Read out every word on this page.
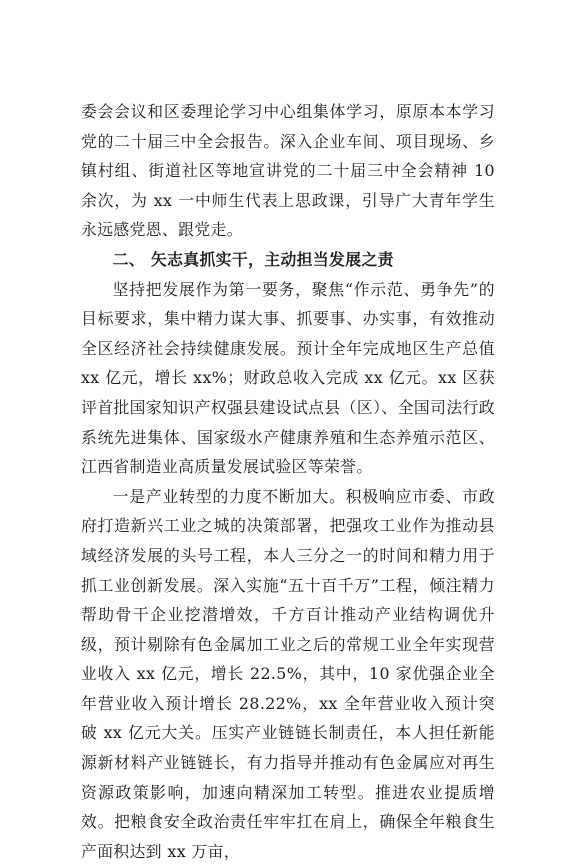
委会会议和区委理论学习中心组集体学习，原原本本学习党的二十届三中全会报告。深入企业车间、项目现场、乡镇村组、街道社区等地宣讲党的二十届三中全会精神 10 余次，为 xx 一中师生代表上思政课，引导广大青年学生永远感党恩、跟党走。

二、 矢志真抓实干，主动担当发展之责

坚持把发展作为第一要务，聚焦“作示范、勇争先”的目标要求，集中精力谋大事、抓要事、办实事，有效推动全区经济社会持续健康发展。预计全年完成地区生产总值 xx 亿元，增长 xx%；财政总收入完成 xx 亿元。xx 区获评首批国家知识产权强县建设试点县（区）、全国司法行政系统先进集体、国家级水产健康养殖和生态养殖示范区、江西省制造业高质量发展试验区等荣誉。

一是产业转型的力度不断加大。积极响应市委、市政府打造新兴工业之城的决策部署，把强攻工业作为推动县域经济发展的头号工程，本人三分之一的时间和精力用于抓工业创新发展。深入实施“五十百千万”工程，倾注精力帮助骨干企业挖潜增效，千方百计推动产业结构调优升级，预计剔除有色金属加工业之后的常规工业全年实现营业收入 xx 亿元，增长 22.5%，其中，10 家优强企业全年营业收入预计增长 28.22%，xx 全年营业收入预计突破 xx 亿元大关。压实产业链链长制责任，本人担任新能源新材料产业链链长，有力指导并推动有色金属应对再生资源政策影响，加速向精深加工转型。推进农业提质增效。把粮食安全政治责任牢牢扛在肩上，确保全年粮食生产面积达到 xx 万亩，
